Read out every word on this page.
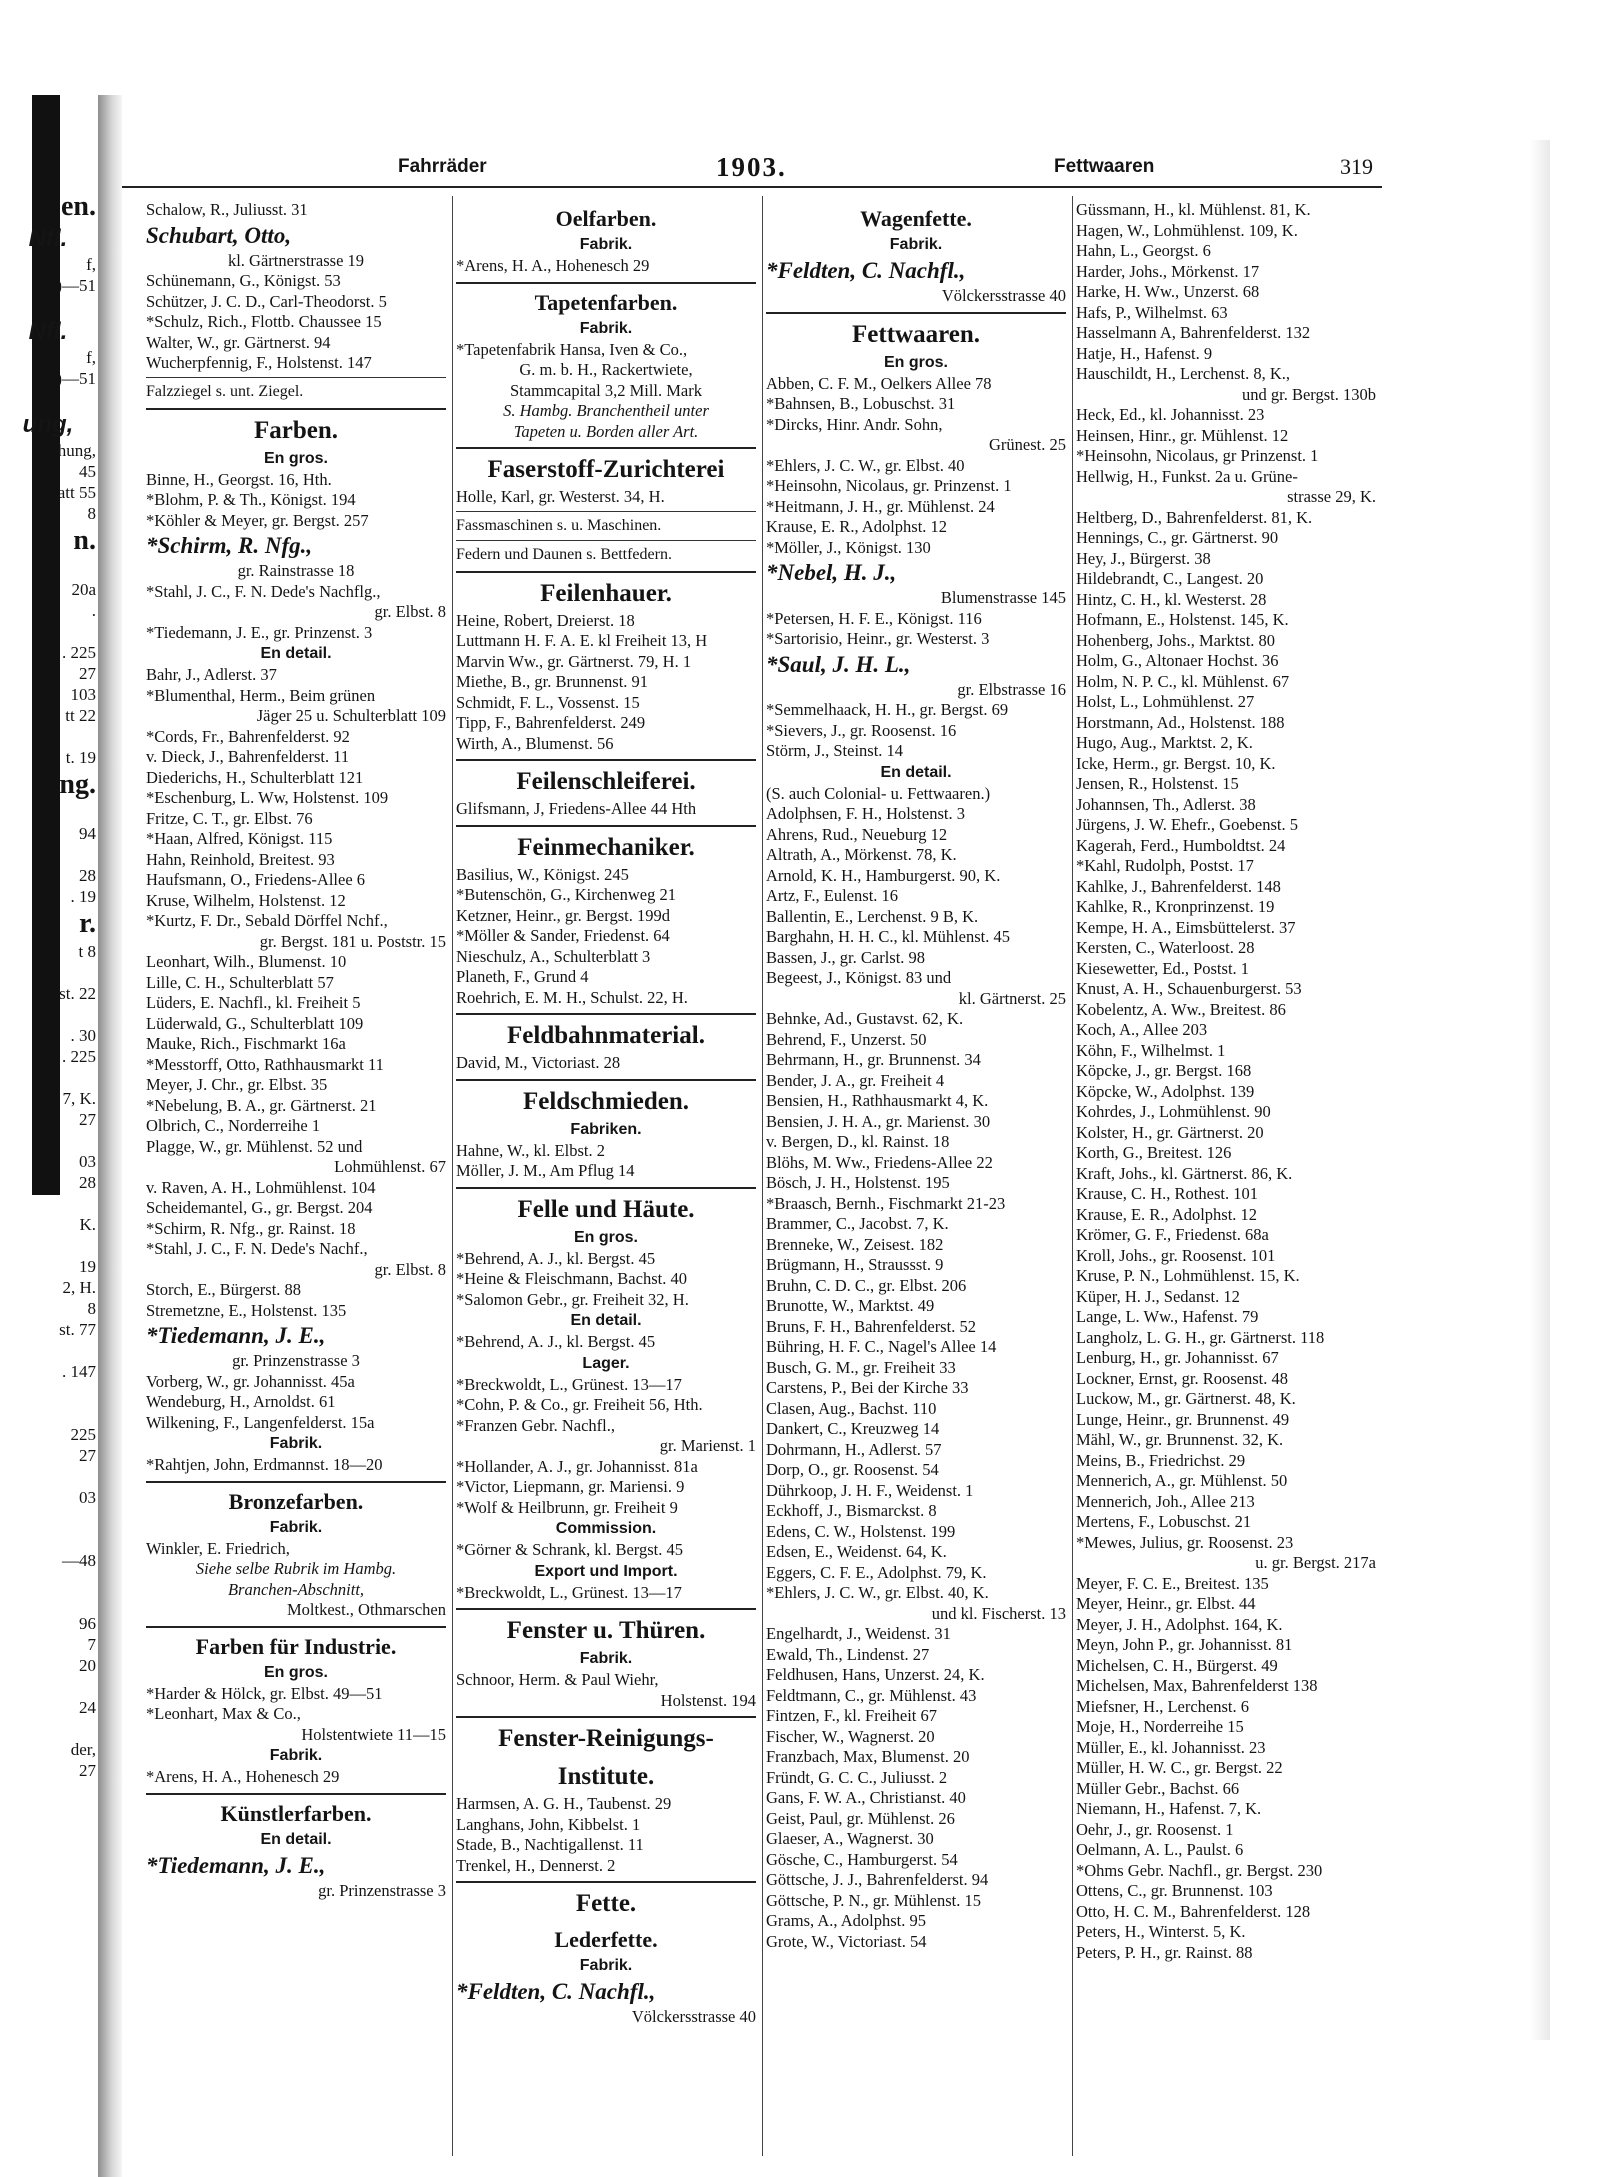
en.
Nfl.
f,
)—51
Nfl.
f,
)—51
ung,
hung,
45
att 55
8
n.
20a
.
. 225
27
103
tt 22
t. 19
ng.
94
28
. 19
r.
t 8
st. 22
. 30
. 225
7, K.
27
03
28
K.
19
2, H.
8
st. 77
. 147
225
27
03
—48
96
7
20
24
der,
27
Fahrräder	1903.	Fettwaaren	319
Schalow, R., Juliusst. 31
Schubart, Otto,
kl. Gärtnerstrasse 19
Schünemann, G., Königst. 53
Schützer, J. C. D., Carl-Theodorst. 5
*Schulz, Rich., Flottb. Chaussee 15
Walter, W., gr. Gärtnerst. 94
Wucherpfennig, F., Holstenst. 147
Falzziegel s. unt. Ziegel.
Farben.
En gros.
Binne, H., Georgst. 16, Hth.
*Blohm, P. & Th., Königst. 194
*Köhler & Meyer, gr. Bergst. 257
*Schirm, R. Nfg.,
gr. Rainstrasse 18
*Stahl, J. C., F. N. Dede's Nachflg.,
gr. Elbst. 8
*Tiedemann, J. E., gr. Prinzenst. 3
En detail.
Bahr, J., Adlerst. 37
*Blumenthal, Herm., Beim grünen
Jäger 25 u. Schulterblatt 109
*Cords, Fr., Bahrenfelderst. 92
v. Dieck, J., Bahrenfelderst. 11
Diederichs, H., Schulterblatt 121
*Eschenburg, L. Ww, Holstenst. 109
Fritze, C. T., gr. Elbst. 76
*Haan, Alfred, Königst. 115
Hahn, Reinhold, Breitest. 93
Haufsmann, O., Friedens-Allee 6
Kruse, Wilhelm, Holstenst. 12
*Kurtz, F. Dr., Sebald Dörffel Nchf.,
gr. Bergst. 181 u. Poststr. 15
Leonhart, Wilh., Blumenst. 10
Lille, C. H., Schulterblatt 57
Lüders, E. Nachfl., kl. Freiheit 5
Lüderwald, G., Schulterblatt 109
Mauke, Rich., Fischmarkt 16a
*Messtorff, Otto, Rathhausmarkt 11
Meyer, J. Chr., gr. Elbst. 35
*Nebelung, B. A., gr. Gärtnerst. 21
Olbrich, C., Norderreihe 1
Plagge, W., gr. Mühlenst. 52 und
Lohmühlenst. 67
v. Raven, A. H., Lohmühlenst. 104
Scheidemantel, G., gr. Bergst. 204
*Schirm, R. Nfg., gr. Rainst. 18
*Stahl, J. C., F. N. Dede's Nachf.,
gr. Elbst. 8
Storch, E., Bürgerst. 88
Stremetzne, E., Holstenst. 135
*Tiedemann, J. E.,
gr. Prinzenstrasse 3
Vorberg, W., gr. Johannisst. 45a
Wendeburg, H., Arnoldst. 61
Wilkening, F., Langenfelderst. 15a
Fabrik.
*Rahtjen, John, Erdmannst. 18—20
Bronzefarben.
Fabrik.
Winkler, E. Friedrich,
Siehe selbe Rubrik im Hambg.
Branchen-Abschnitt,
Moltkest., Othmarschen
Farben für Industrie.
En gros.
*Harder & Hölck, gr. Elbst. 49—51
*Leonhart, Max & Co.,
Holstentwiete 11—15
Fabrik.
*Arens, H. A., Hohenesch 29
Künstlerfarben.
En detail.
*Tiedemann, J. E.,
gr. Prinzenstrasse 3
Oelfarben.
Fabrik.
*Arens, H. A., Hohenesch 29
Tapetenfarben.
Fabrik.
*Tapetenfabrik Hansa, Iven & Co.,
G. m. b. H., Rackertwiete,
Stammcapital 3,2 Mill. Mark
S. Hambg. Branchentheil unter
Tapeten u. Borden aller Art.
Faserstoff-Zurichterei
Holle, Karl, gr. Westerst. 34, H.
Fassmaschinen s. u. Maschinen.
Federn und Daunen s. Bettfedern.
Feilenhauer.
Heine, Robert, Dreierst. 18
Luttmann H. F. A. E. kl Freiheit 13, H
Marvin Ww., gr. Gärtnerst. 79, H. 1
Miethe, B., gr. Brunnenst. 91
Schmidt, F. L., Vossenst. 15
Tipp, F., Bahrenfelderst. 249
Wirth, A., Blumenst. 56
Feilenschleiferei.
Glifsmann, J, Friedens-Allee 44 Hth
Feinmechaniker.
Basilius, W., Königst. 245
*Butenschön, G., Kirchenweg 21
Ketzner, Heinr., gr. Bergst. 199d
*Möller & Sander, Friedenst. 64
Nieschulz, A., Schulterblatt 3
Planeth, F., Grund 4
Roehrich, E. M. H., Schulst. 22, H.
Feldbahnmaterial.
David, M., Victoriast. 28
Feldschmieden.
Fabriken.
Hahne, W., kl. Elbst. 2
Möller, J. M., Am Pflug 14
Felle und Häute.
En gros.
*Behrend, A. J., kl. Bergst. 45
*Heine & Fleischmann, Bachst. 40
*Salomon Gebr., gr. Freiheit 32, H.
En detail.
*Behrend, A. J., kl. Bergst. 45
Lager.
*Breckwoldt, L., Grünest. 13—17
*Cohn, P. & Co., gr. Freiheit 56, Hth.
*Franzen Gebr. Nachfl.,
gr. Marienst. 1
*Hollander, A. J., gr. Johannisst. 81a
*Victor, Liepmann, gr. Mariensi. 9
*Wolf & Heilbrunn, gr. Freiheit 9
Commission.
*Görner & Schrank, kl. Bergst. 45
Export und Import.
*Breckwoldt, L., Grünest. 13—17
Fenster u. Thüren.
Fabrik.
Schnoor, Herm. & Paul Wiehr,
Holstenst. 194
Fenster-Reinigungs-
Institute.
Harmsen, A. G. H., Taubenst. 29
Langhans, John, Kibbelst. 1
Stade, B., Nachtigallenst. 11
Trenkel, H., Dennerst. 2
Fette.
Lederfette.
Fabrik.
*Feldten, C. Nachfl.,
Völckersstrasse 40
Wagenfette.
Fabrik.
*Feldten, C. Nachfl.,
Völckersstrasse 40
Fettwaaren.
En gros.
Abben, C. F. M., Oelkers Allee 78
*Bahnsen, B., Lobuschst. 31
*Dircks, Hinr. Andr. Sohn,
Grünest. 25
*Ehlers, J. C. W., gr. Elbst. 40
*Heinsohn, Nicolaus, gr. Prinzenst. 1
*Heitmann, J. H., gr. Mühlenst. 24
Krause, E. R., Adolphst. 12
*Möller, J., Königst. 130
*Nebel, H. J.,
Blumenstrasse 145
*Petersen, H. F. E., Königst. 116
*Sartorisio, Heinr., gr. Westerst. 3
*Saul, J. H. L.,
gr. Elbstrasse 16
*Semmelhaack, H. H., gr. Bergst. 69
*Sievers, J., gr. Roosenst. 16
Störm, J., Steinst. 14
En detail.
(S. auch Colonial- u. Fettwaaren.)
Adolphsen, F. H., Holstenst. 3
Ahrens, Rud., Neueburg 12
Altrath, A., Mörkenst. 78, K.
Arnold, K. H., Hamburgerst. 90, K.
Artz, F., Eulenst. 16
Ballentin, E., Lerchenst. 9 B, K.
Barghahn, H. H. C., kl. Mühlenst. 45
Bassen, J., gr. Carlst. 98
Begeest, J., Königst. 83 und
kl. Gärtnerst. 25
Behnke, Ad., Gustavst. 62, K.
Behrend, F., Unzerst. 50
Behrmann, H., gr. Brunnenst. 34
Bender, J. A., gr. Freiheit 4
Bensien, H., Rathhausmarkt 4, K.
Bensien, J. H. A., gr. Marienst. 30
v. Bergen, D., kl. Rainst. 18
Blöhs, M. Ww., Friedens-Allee 22
Bösch, J. H., Holstenst. 195
*Braasch, Bernh., Fischmarkt 21-23
Brammer, C., Jacobst. 7, K.
Brenneke, W., Zeisest. 182
Brügmann, H., Straussst. 9
Bruhn, C. D. C., gr. Elbst. 206
Brunotte, W., Marktst. 49
Bruns, F. H., Bahrenfelderst. 52
Bühring, H. F. C., Nagel's Allee 14
Busch, G. M., gr. Freiheit 33
Carstens, P., Bei der Kirche 33
Clasen, Aug., Bachst. 110
Dankert, C., Kreuzweg 14
Dohrmann, H., Adlerst. 57
Dorp, O., gr. Roosenst. 54
Dührkoop, J. H. F., Weidenst. 1
Eckhoff, J., Bismarckst. 8
Edens, C. W., Holstenst. 199
Edsen, E., Weidenst. 64, K.
Eggers, C. F. E., Adolphst. 79, K.
*Ehlers, J. C. W., gr. Elbst. 40, K.
und kl. Fischerst. 13
Engelhardt, J., Weidenst. 31
Ewald, Th., Lindenst. 27
Feldhusen, Hans, Unzerst. 24, K.
Feldtmann, C., gr. Mühlenst. 43
Fintzen, F., kl. Freiheit 67
Fischer, W., Wagnerst. 20
Franzbach, Max, Blumenst. 20
Fründt, G. C. C., Juliusst. 2
Gans, F. W. A., Christianst. 40
Geist, Paul, gr. Mühlenst. 26
Glaeser, A., Wagnerst. 30
Gösche, C., Hamburgerst. 54
Göttsche, J. J., Bahrenfelderst. 94
Göttsche, P. N., gr. Mühlenst. 15
Grams, A., Adolphst. 95
Grote, W., Victoriast. 54
Güssmann, H., kl. Mühlenst. 81, K.
Hagen, W., Lohmühlenst. 109, K.
Hahn, L., Georgst. 6
Harder, Johs., Mörkenst. 17
Harke, H. Ww., Unzerst. 68
Hafs, P., Wilhelmst. 63
Hasselmann A, Bahrenfelderst. 132
Hatje, H., Hafenst. 9
Hauschildt, H., Lerchenst. 8, K.,
und gr. Bergst. 130b
Heck, Ed., kl. Johannisst. 23
Heinsen, Hinr., gr. Mühlenst. 12
*Heinsohn, Nicolaus, gr Prinzenst. 1
Hellwig, H., Funkst. 2a u. Grüne-
strasse 29, K.
Heltberg, D., Bahrenfelderst. 81, K.
Hennings, C., gr. Gärtnerst. 90
Hey, J., Bürgerst. 38
Hildebrandt, C., Langest. 20
Hintz, C. H., kl. Westerst. 28
Hofmann, E., Holstenst. 145, K.
Hohenberg, Johs., Marktst. 80
Holm, G., Altonaer Hochst. 36
Holm, N. P. C., kl. Mühlenst. 67
Holst, L., Lohmühlenst. 27
Horstmann, Ad., Holstenst. 188
Hugo, Aug., Marktst. 2, K.
Icke, Herm., gr. Bergst. 10, K.
Jensen, R., Holstenst. 15
Johannsen, Th., Adlerst. 38
Jürgens, J. W. Ehefr., Goebenst. 5
Kagerah, Ferd., Humboldtst. 24
*Kahl, Rudolph, Postst. 17
Kahlke, J., Bahrenfelderst. 148
Kahlke, R., Kronprinzenst. 19
Kempe, H. A., Eimsbüttelerst. 37
Kersten, C., Waterloost. 28
Kiesewetter, Ed., Postst. 1
Knust, A. H., Schauenburgerst. 53
Kobelentz, A. Ww., Breitest. 86
Koch, A., Allee 203
Köhn, F., Wilhelmst. 1
Köpcke, J., gr. Bergst. 168
Köpcke, W., Adolphst. 139
Kohrdes, J., Lohmühlenst. 90
Kolster, H., gr. Gärtnerst. 20
Korth, G., Breitest. 126
Kraft, Johs., kl. Gärtnerst. 86, K.
Krause, C. H., Rothest. 101
Krause, E. R., Adolphst. 12
Krömer, G. F., Friedenst. 68a
Kroll, Johs., gr. Roosenst. 101
Kruse, P. N., Lohmühlenst. 15, K.
Küper, H. J., Sedanst. 12
Lange, L. Ww., Hafenst. 79
Langholz, L. G. H., gr. Gärtnerst. 118
Lenburg, H., gr. Johannisst. 67
Lockner, Ernst, gr. Roosenst. 48
Luckow, M., gr. Gärtnerst. 48, K.
Lunge, Heinr., gr. Brunnenst. 49
Mähl, W., gr. Brunnenst. 32, K.
Meins, B., Friedrichst. 29
Mennerich, A., gr. Mühlenst. 50
Mennerich, Joh., Allee 213
Mertens, F., Lobuschst. 21
*Mewes, Julius, gr. Roosenst. 23
u. gr. Bergst. 217a
Meyer, F. C. E., Breitest. 135
Meyer, Heinr., gr. Elbst. 44
Meyer, J. H., Adolphst. 164, K.
Meyn, John P., gr. Johannisst. 81
Michelsen, C. H., Bürgerst. 49
Michelsen, Max, Bahrenfelderst 138
Miefsner, H., Lerchenst. 6
Moje, H., Norderreihe 15
Müller, E., kl. Johannisst. 23
Müller, H. W. C., gr. Bergst. 22
Müller Gebr., Bachst. 66
Niemann, H., Hafenst. 7, K.
Oehr, J., gr. Roosenst. 1
Oelmann, A. L., Paulst. 6
*Ohms Gebr. Nachfl., gr. Bergst. 230
Ottens, C., gr. Brunnenst. 103
Otto, H. C. M., Bahrenfelderst. 128
Peters, H., Winterst. 5, K.
Peters, P. H., gr. Rainst. 88
